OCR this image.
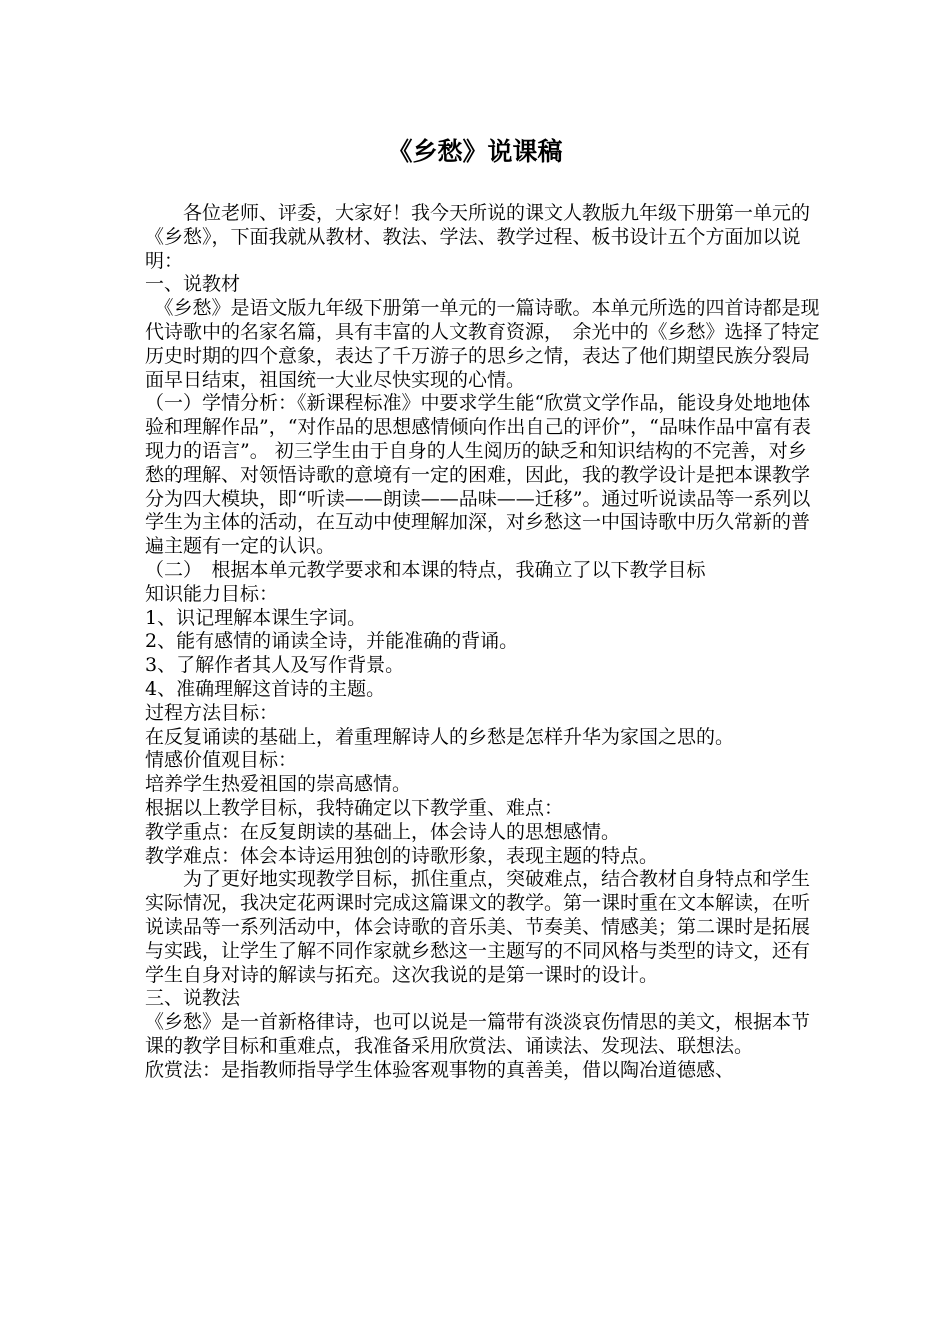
《乡愁》说课稿

　　各位老师、评委，大家好！我今天所说的课文人教版九年级下册第一单元的《乡愁》，下面我就从教材、教法、学法、教学过程、板书设计五个方面加以说明：

一、说教材

　《乡愁》是语文版九年级下册第一单元的一篇诗歌。本单元所选的四首诗都是现代诗歌中的名家名篇，具有丰富的人文教育资源，　余光中的《乡愁》选择了特定历史时期的四个意象，表达了千万游子的思乡之情，表达了他们期望民族分裂局面早日结束，祖国统一大业尽快实现的心情。

（一）学情分析：《新课程标准》中要求学生能“欣赏文学作品，能设身处地地体验和理解作品”，“对作品的思想感情倾向作出自己的评价”，“品味作品中富有表现力的语言”。 初三学生由于自身的人生阅历的缺乏和知识结构的不完善，对乡愁的理解、对领悟诗歌的意境有一定的困难，因此，我的教学设计是把本课教学分为四大模块，即“听读——朗读——品味——迁移”。通过听说读品等一系列以学生为主体的活动，在互动中使理解加深，对乡愁这一中国诗歌中历久常新的普遍主题有一定的认识。

（二）　根据本单元教学要求和本课的特点，我确立了以下教学目标

知识能力目标：

1、识记理解本课生字词。

2、能有感情的诵读全诗，并能准确的背诵。

3、了解作者其人及写作背景。

4、准确理解这首诗的主题。

过程方法目标：

在反复诵读的基础上，着重理解诗人的乡愁是怎样升华为家国之思的。

情感价值观目标：

培养学生热爱祖国的崇高感情。

根据以上教学目标，我特确定以下教学重、难点：

教学重点：在反复朗读的基础上，体会诗人的思想感情。

教学难点：体会本诗运用独创的诗歌形象，表现主题的特点。

　　为了更好地实现教学目标，抓住重点，突破难点，结合教材自身特点和学生实际情况，我决定花两课时完成这篇课文的教学。第一课时重在文本解读，在听说读品等一系列活动中，体会诗歌的音乐美、节奏美、情感美；第二课时是拓展与实践，让学生了解不同作家就乡愁这一主题写的不同风格与类型的诗文，还有学生自身对诗的解读与拓充。这次我说的是第一课时的设计。

三、说教法

《乡愁》是一首新格律诗，也可以说是一篇带有淡淡哀伤情思的美文，根据本节课的教学目标和重难点，我准备采用欣赏法、诵读法、发现法、联想法。

欣赏法：是指教师指导学生体验客观事物的真善美，借以陶冶道德感、
